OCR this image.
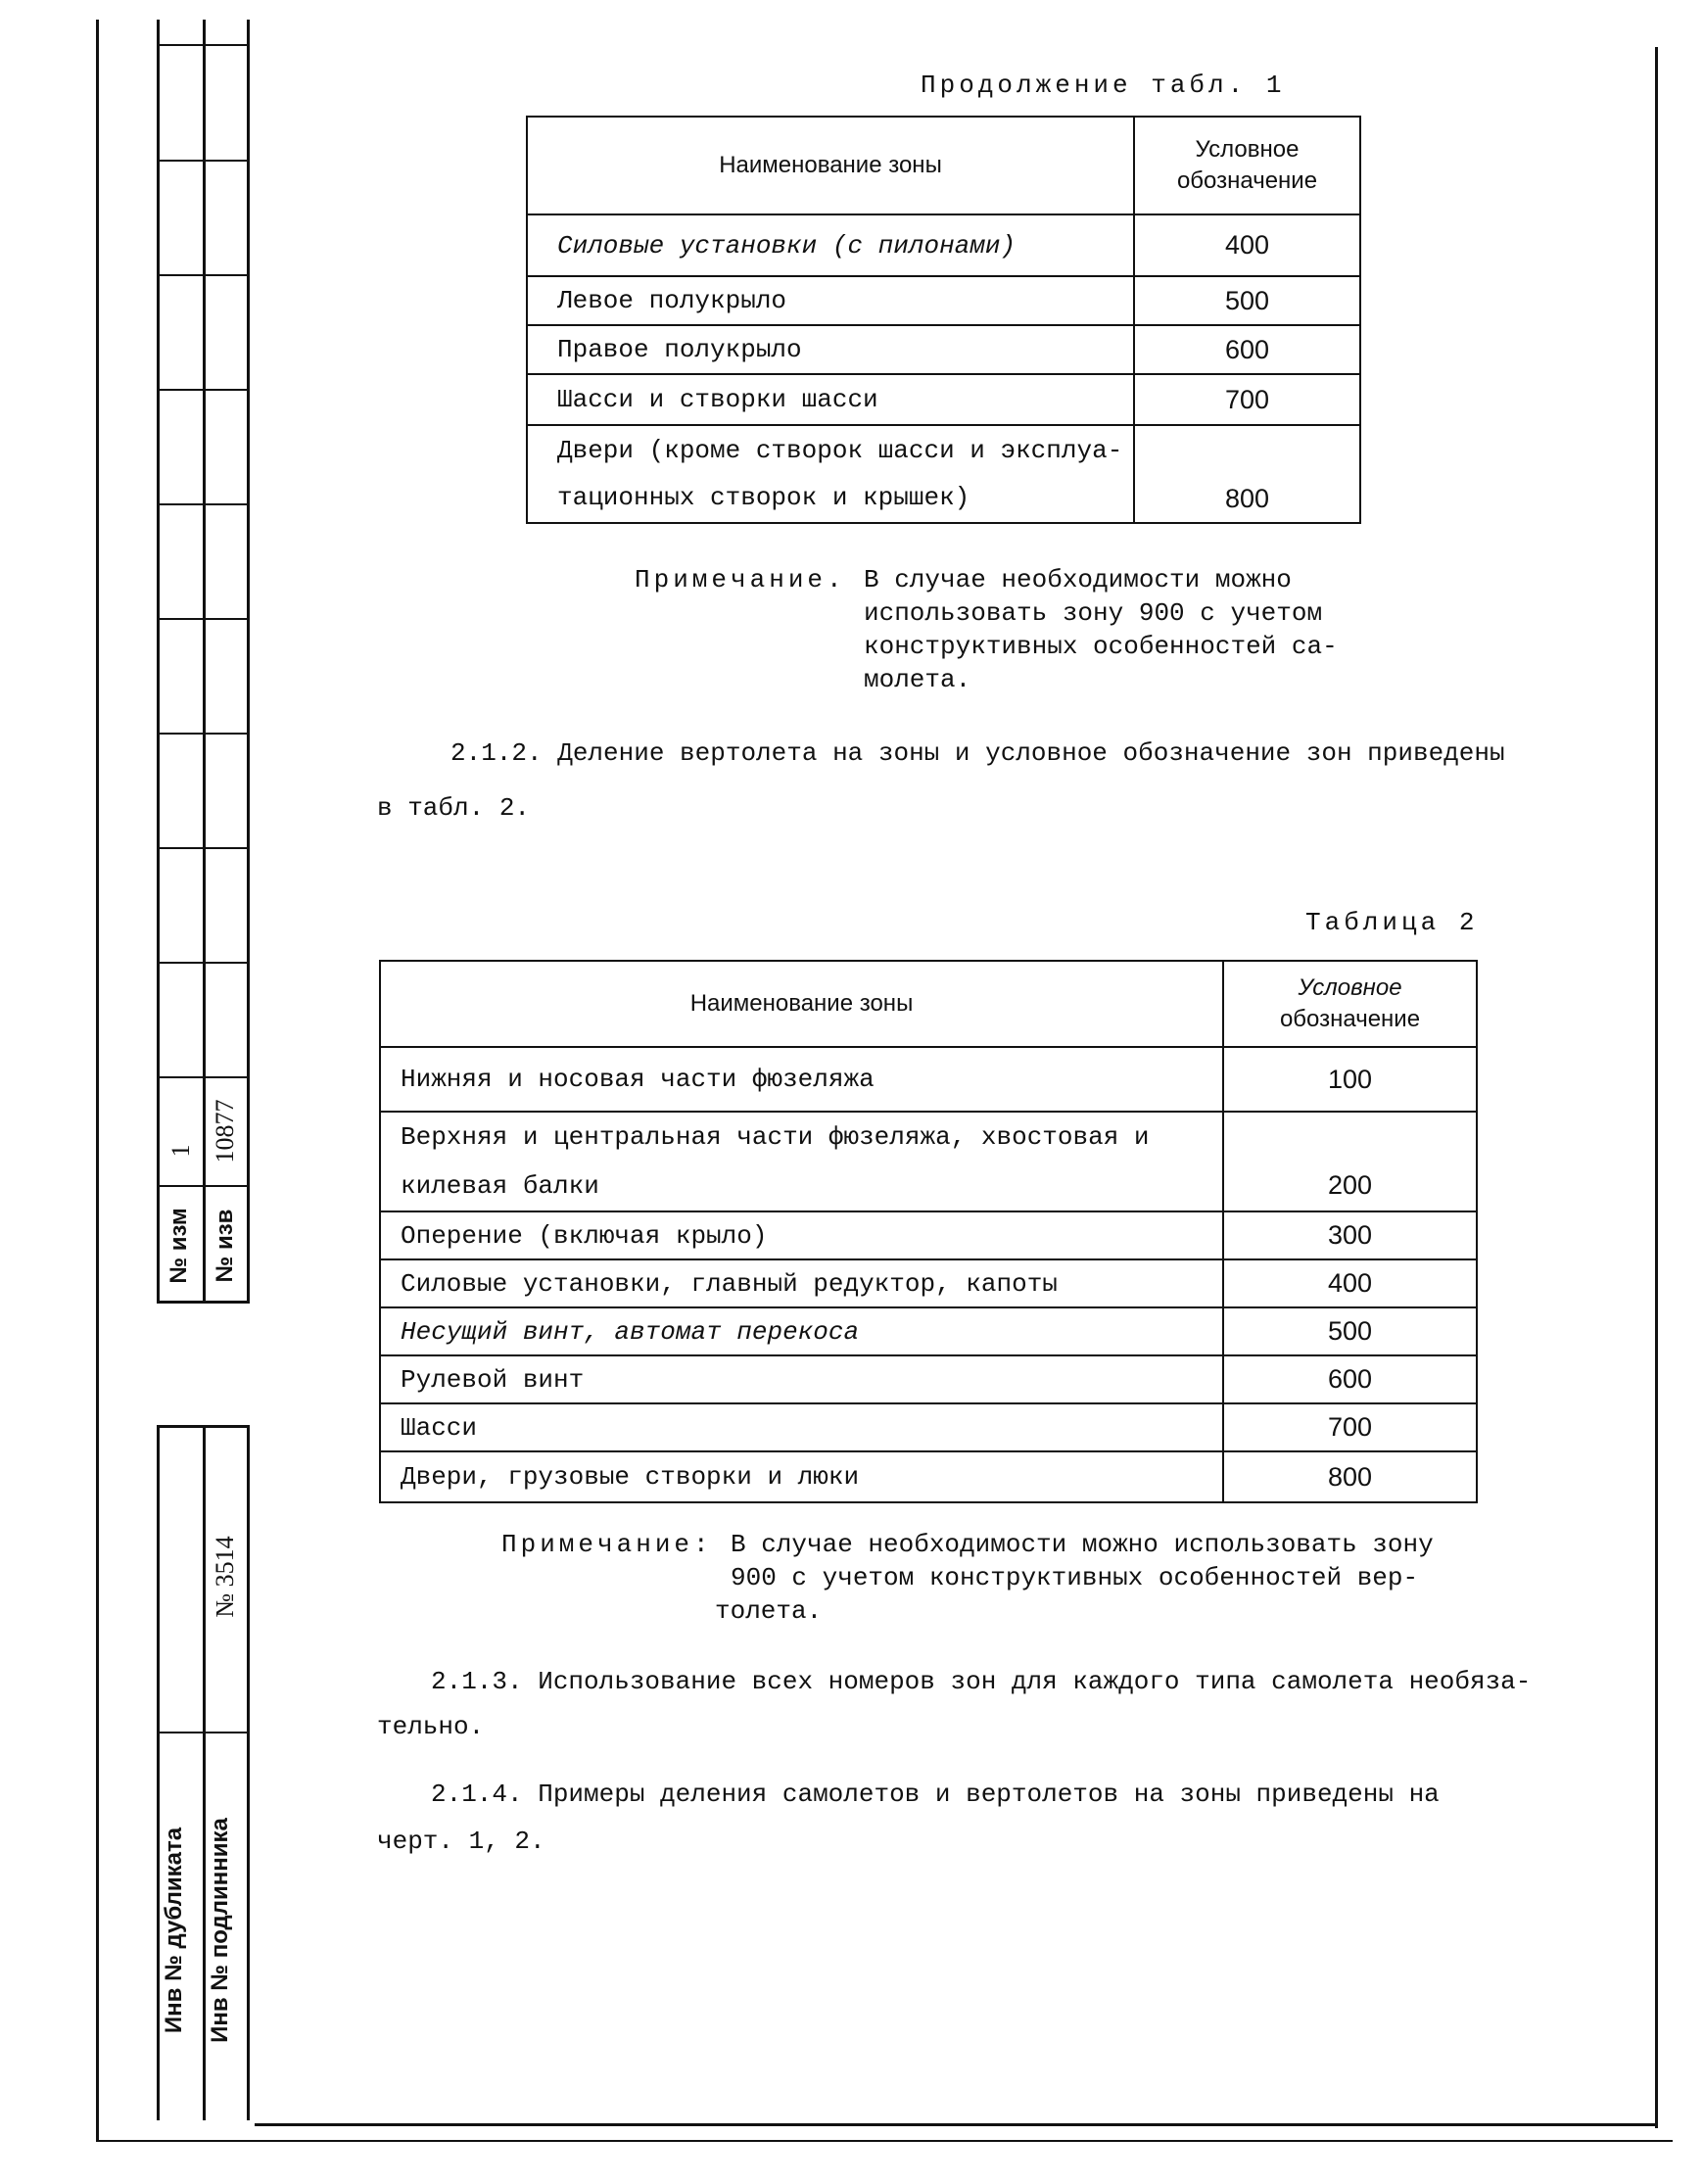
№ изм
1
№ изв
10877
№ 3514
Инв № дубликата Инв № подлинника
Продолжение табл. 1
Наименование зоны	Условное
обозначение

Силовые установки (с пилонами)	400
Левое полукрыло	500
Правое полукрыло	600
Шасси и створки шасси	700

Двери (кроме створок шасси и эксплуа-
тационных створок и крышек)	800
Примечание. В случае необходимости можно
использовать зону 900 с учетом
конструктивных особенностей са-
молета.
2.1.2. Деление вертолета на зоны и условное обозначение зон приведены
в табл. 2.
Таблица 2
Наименование зоны	Условное
обозначение

Нижняя и носовая части фюзеляжа	100

Верхняя и центральная части фюзеляжа, хвостовая и
килевая балки	200
Оперение (включая крыло)	300
Силовые установки, главный редуктор, капоты	400
Несущий винт, автомат перекоса	500
Рулевой винт	600
Шасси	700
Двери, грузовые створки и люки	800
Примечание: В случае необходимости можно использовать зону
900 с учетом конструктивных особенностей вер-
толета.
2.1.3. Использование всех номеров зон для каждого типа самолета необяза-
тельно.
2.1.4. Примеры деления самолетов и вертолетов на зоны приведены на
черт. 1, 2.
